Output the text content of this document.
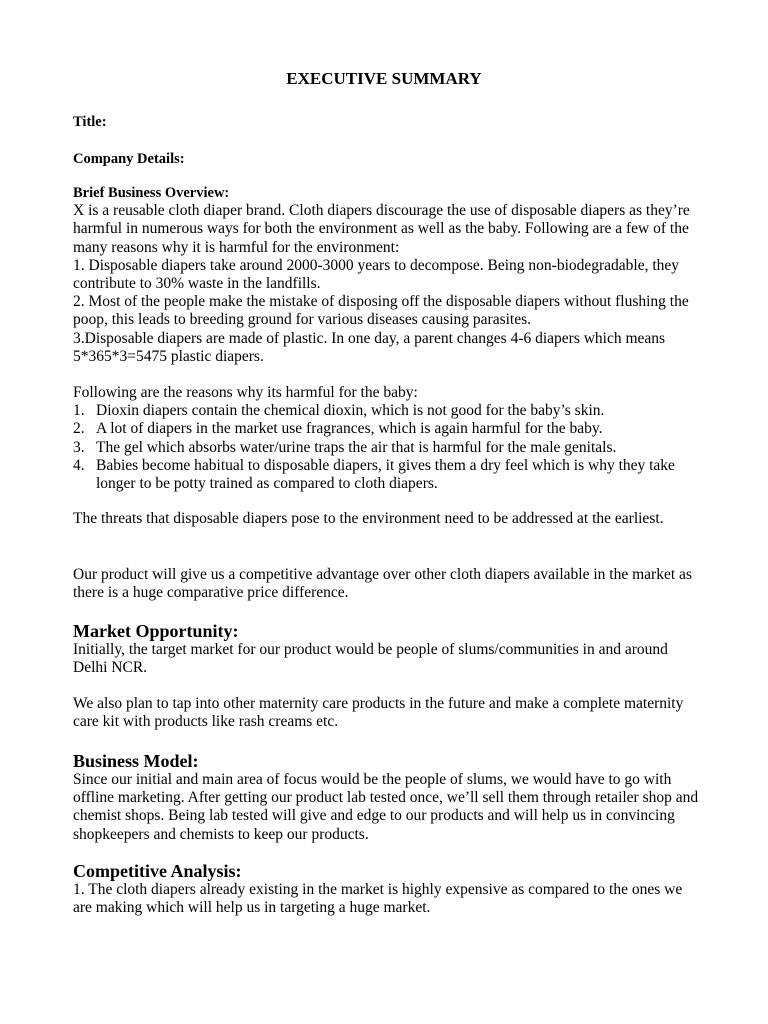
EXECUTIVE SUMMARY
Title:
Company Details:
Brief Business Overview:

X is a reusable cloth diaper brand. Cloth diapers discourage the use of disposable diapers as they’re harmful in numerous ways for both the environment as well as the baby. Following are a few of the many reasons why it is harmful for the environment:

1. Disposable diapers take around 2000-3000 years to decompose. Being non-biodegradable, they contribute to 30% waste in the landfills.

2. Most of the people make the mistake of disposing off the disposable diapers without flushing the poop, this leads to breeding ground for various diseases causing parasites.

3.Disposable diapers are made of plastic. In one day, a parent changes 4-6 diapers which means 5*365*3=5475 plastic diapers.

Following are the reasons why its harmful for the baby:

1. Dioxin diapers contain the chemical dioxin, which is not good for the baby’s skin.
2. A lot of diapers in the market use fragrances, which is again harmful for the baby.
3. The gel which absorbs water/urine traps the air that is harmful for the male genitals.
4. Babies become habitual to disposable diapers, it gives them a dry feel which is why they take longer to be potty trained as compared to cloth diapers.

The threats that disposable diapers pose to the environment need to be addressed at the earliest.

Our product will give us a competitive advantage over other cloth diapers available in the market as there is a huge comparative price difference.

Market Opportunity:

Initially, the target market for our product would be people of slums/communities in and around Delhi NCR.

We also plan to tap into other maternity care products in the future and make a complete maternity care kit with products like rash creams etc.

Business Model:

Since our initial and main area of focus would be the people of slums, we would have to go with offline marketing. After getting our product lab tested once, we’ll sell them through retailer shop and chemist shops. Being lab tested will give and edge to our products and will help us in convincing shopkeepers and chemists to keep our products.

Competitive Analysis:

1. The cloth diapers already existing in the market is highly expensive as compared to the ones we are making which will help us in targeting a huge market.
